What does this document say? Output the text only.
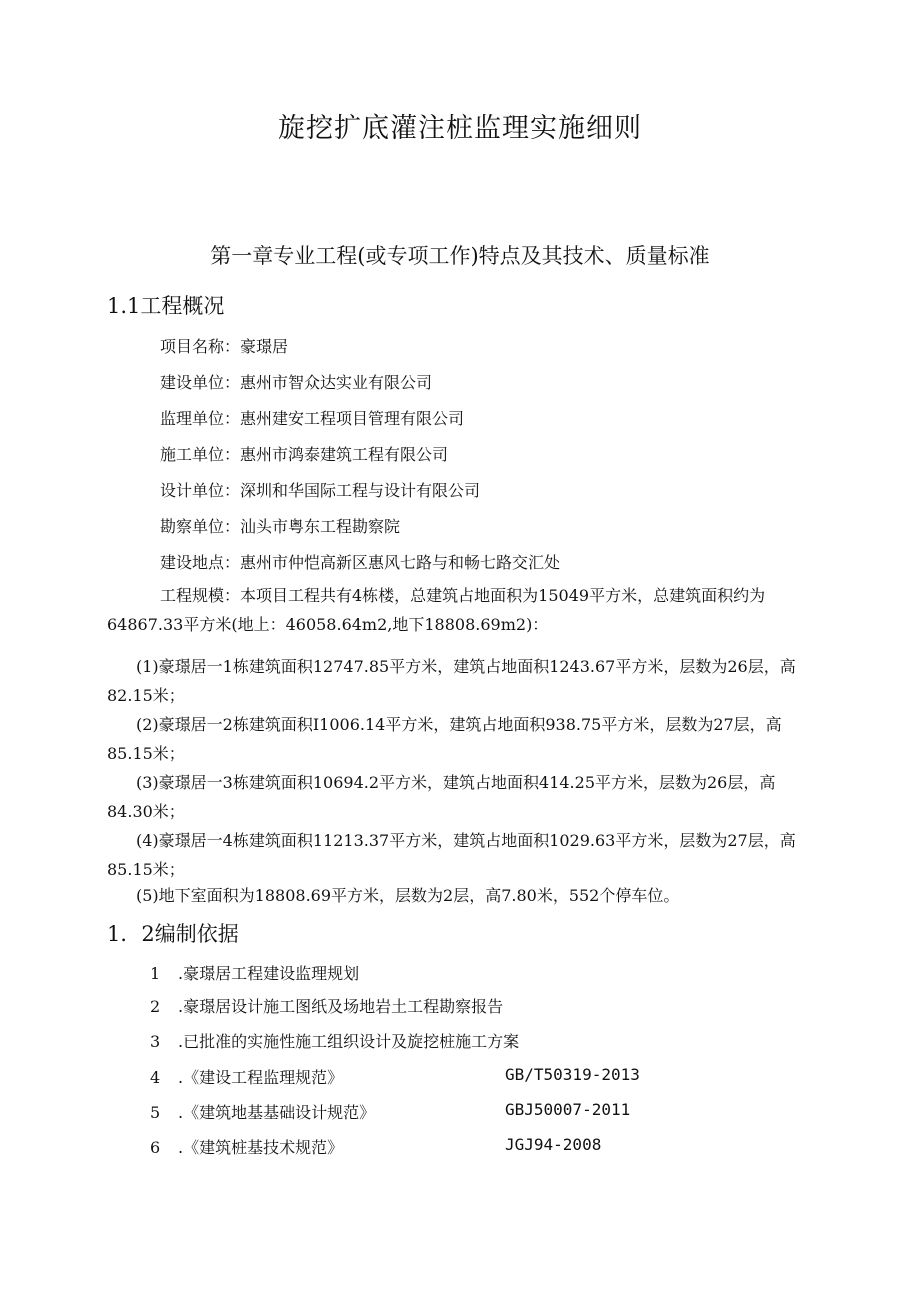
旋挖扩底灌注桩监理实施细则
第一章专业工程(或专项工作)特点及其技术、质量标准
1.1工程概况
项目名称：豪璟居
建设单位：惠州市智众达实业有限公司
监理单位：惠州建安工程项目管理有限公司
施工单位：惠州市鸿泰建筑工程有限公司
设计单位：深圳和华国际工程与设计有限公司
勘察单位：汕头市粤东工程勘察院
建设地点：惠州市仲恺高新区惠风七路与和畅七路交汇处

工程规模：本项目工程共有4栋楼，总建筑占地面积为15049平方米，总建筑面积约为64867.33平方米(地上：46058.64m2,地下18808.69m2)：

(1)豪璟居一1栋建筑面积12747.85平方米，建筑占地面积1243.67平方米，层数为26层，高82.15米；

(2)豪璟居一2栋建筑面积I1006.14平方米，建筑占地面积938.75平方米，层数为27层，高85.15米；

(3)豪璟居一3栋建筑面积10694.2平方米，建筑占地面积414.25平方米，层数为26层，高84.30米；

(4)豪璟居一4栋建筑面积11213.37平方米，建筑占地面积1029.63平方米，层数为27层，高85.15米；

(5)地下室面积为18808.69平方米，层数为2层，高7.80米，552个停车位。

1．2编制依据
1 .豪璟居工程建设监理规划
2 .豪璟居设计施工图纸及场地岩土工程勘察报告
3 .已批准的实施性施工组织设计及旋挖桩施工方案
4 .《建设工程监理规范》	GB/T50319-2013
5 .《建筑地基基础设计规范》	GBJ50007-2011
6 .《建筑桩基技术规范》	JGJ94-2008
